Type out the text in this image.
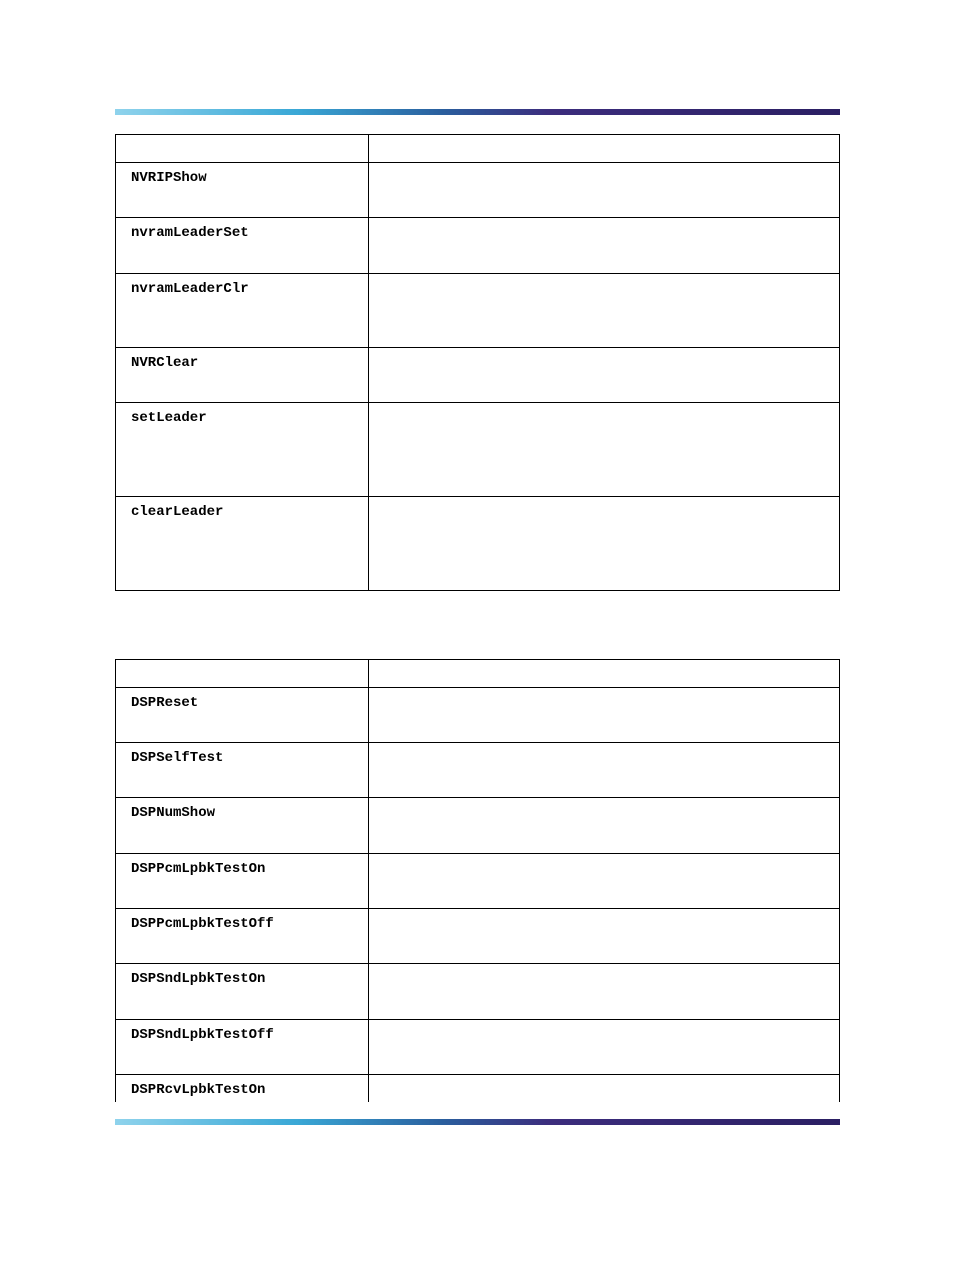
NVRIPShow	

nvramLeaderSet	

nvramLeaderClr	

NVRClear	

setLeader	

clearLeader	

DSPReset	

DSPSelfTest	

DSPNumShow	

DSPPcmLpbkTestOn	

DSPPcmLpbkTestOff	

DSPSndLpbkTestOn	

DSPSndLpbkTestOff	

DSPRcvLpbkTestOn	
